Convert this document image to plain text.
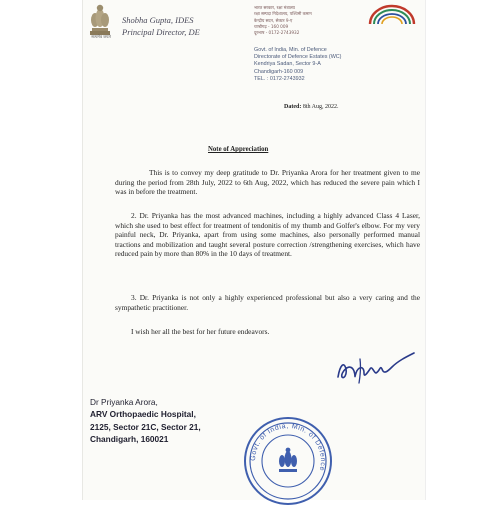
सत्यमेव जयते
Shobha Gupta, IDES
Principal Director, DE
भारत सरकार, रक्षा मंत्रालय
रक्षा सम्पदा निदेशालय, पश्चिमी कमान
केन्द्रीय सदन, सेक्टर 9-ए
चण्डीगढ़ - 160 009
दूरभाष - 0172-2743932
Govt. of India, Min. of Defence
Directorate of Defence Estates (WC)
Kendriya Sadan, Sector 9-A
Chandigarh-160 009
TEL. : 0172-2743932
Dated: 8th Aug, 2022.
Note of Appreciation
This is to convey my deep gratitude to Dr. Priyanka Arora for her treatment given to me during the period from 28th July, 2022 to 6th Aug, 2022, which has reduced the severe pain which I was in before the treatment.
2. Dr. Priyanka has the most advanced machines, including a highly advanced Class 4 Laser, which she used to best effect for treatment of tendonitis of my thumb and Golfer's elbow. For my very painful neck, Dr. Priyanka, apart from using some machines, also personally performed manual tractions and mobilization and taught several posture correction /strengthening exercises, which have reduced pain by more than 80% in the 10 days of treatment.
3. Dr. Priyanka is not only a highly experienced professional but also a very caring and the sympathetic practitioner.
I wish her all the best for her future endeavors.
Dr Priyanka Arora,
ARV Orthopaedic Hospital,
2125, Sector 21C, Sector 21,
Chandigarh, 160021
Govt. of India, Min. of Defence
